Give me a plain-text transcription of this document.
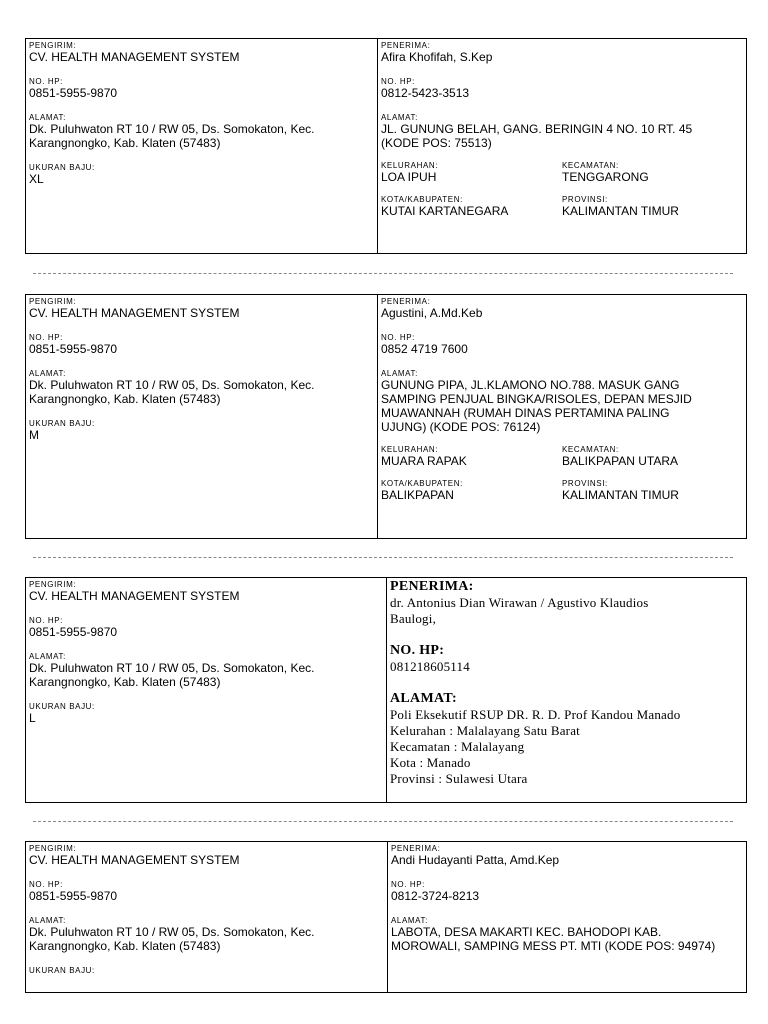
PENGIRIM:
CV. HEALTH MANAGEMENT SYSTEM
NO. HP:
0851-5955-9870
ALAMAT:
Dk. Puluhwaton RT 10 / RW 05, Ds. Somokaton, Kec.
Karangnongko, Kab. Klaten (57483)
UKURAN BAJU:
XL
PENERIMA:
Afira Khofifah, S.Kep
NO. HP:
0812-5423-3513
ALAMAT:
JL. GUNUNG BELAH, GANG. BERINGIN 4 NO. 10 RT. 45
(KODE POS: 75513)
KELURAHAN:
LOA IPUH
KECAMATAN:
TENGGARONG
KOTA/KABUPATEN:
KUTAI KARTANEGARA
PROVINSI:
KALIMANTAN TIMUR
PENGIRIM:
CV. HEALTH MANAGEMENT SYSTEM
NO. HP:
0851-5955-9870
ALAMAT:
Dk. Puluhwaton RT 10 / RW 05, Ds. Somokaton, Kec.
Karangnongko, Kab. Klaten (57483)
UKURAN BAJU:
M
PENERIMA:
Agustini, A.Md.Keb
NO. HP:
0852 4719 7600
ALAMAT:
GUNUNG PIPA, JL.KLAMONO NO.788. MASUK GANG
SAMPING PENJUAL BINGKA/RISOLES, DEPAN MESJID
MUAWANNAH (RUMAH DINAS PERTAMINA PALING
UJUNG) (KODE POS: 76124)
KELURAHAN:
MUARA RAPAK
KECAMATAN:
BALIKPAPAN UTARA
KOTA/KABUPATEN:
BALIKPAPAN
PROVINSI:
KALIMANTAN TIMUR
PENGIRIM:
CV. HEALTH MANAGEMENT SYSTEM
NO. HP:
0851-5955-9870
ALAMAT:
Dk. Puluhwaton RT 10 / RW 05, Ds. Somokaton, Kec.
Karangnongko, Kab. Klaten (57483)
UKURAN BAJU:
L
PENERIMA:
dr. Antonius Dian Wirawan / Agustivo Klaudios
Baulogi,
NO. HP:
081218605114
ALAMAT:
Poli Eksekutif RSUP DR. R. D. Prof Kandou Manado
Kelurahan : Malalayang Satu Barat
Kecamatan : Malalayang
Kota : Manado
Provinsi : Sulawesi Utara
PENGIRIM:
CV. HEALTH MANAGEMENT SYSTEM
NO. HP:
0851-5955-9870
ALAMAT:
Dk. Puluhwaton RT 10 / RW 05, Ds. Somokaton, Kec.
Karangnongko, Kab. Klaten (57483)
UKURAN BAJU:
PENERIMA:
Andi Hudayanti Patta, Amd.Kep
NO. HP:
0812-3724-8213
ALAMAT:
LABOTA, DESA MAKARTI KEC. BAHODOPI KAB.
MOROWALI, SAMPING MESS PT. MTI (KODE POS: 94974)
